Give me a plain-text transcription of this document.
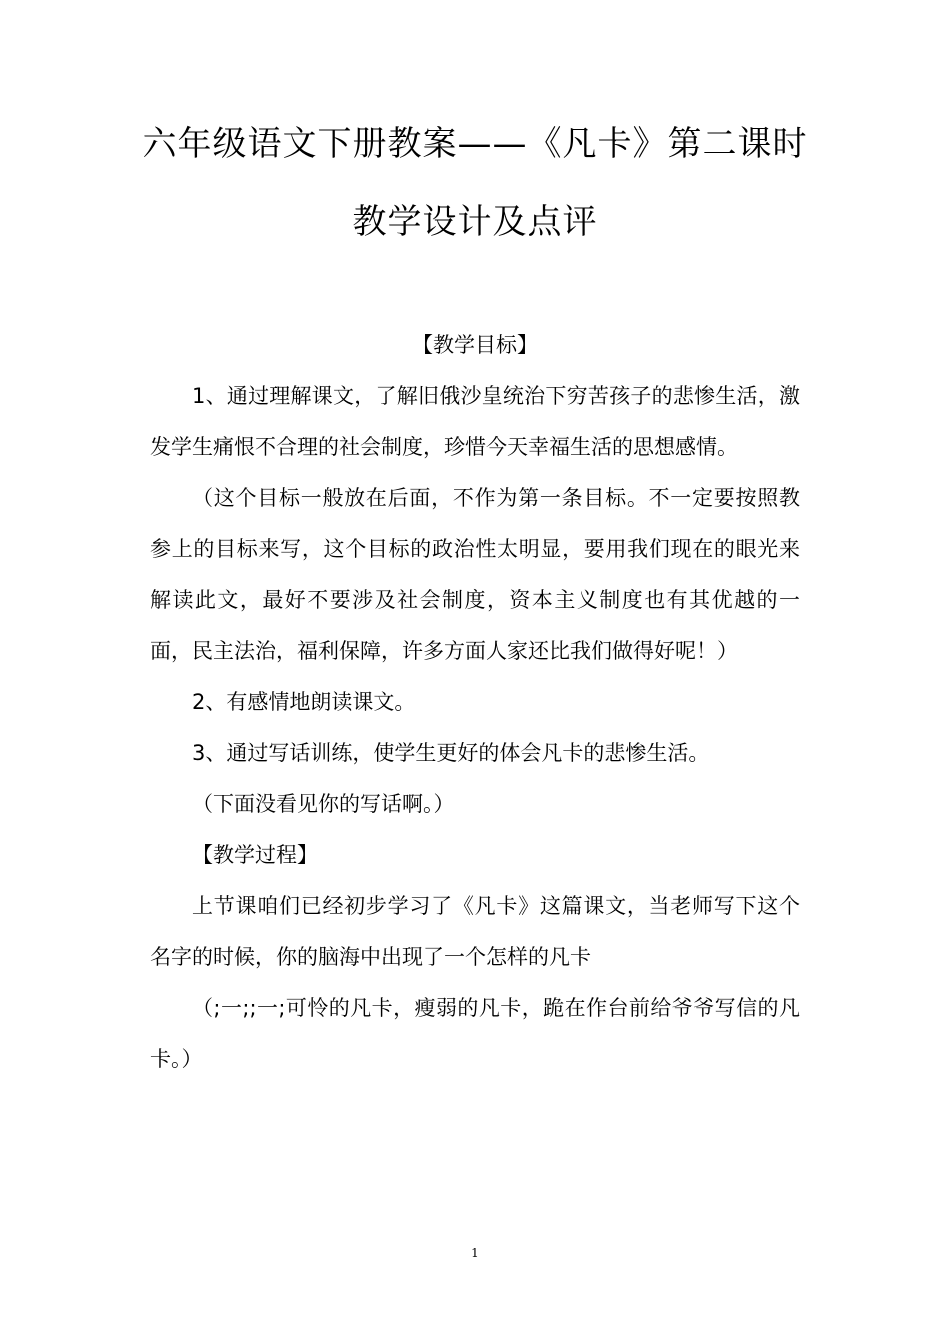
六年级语文下册教案——《凡卡》第二课时
教学设计及点评

【教学目标】

1、通过理解课文，了解旧俄沙皇统治下穷苦孩子的悲惨生活，激发学生痛恨不合理的社会制度，珍惜今天幸福生活的思想感情。

（这个目标一般放在后面，不作为第一条目标。不一定要按照教参上的目标来写，这个目标的政治性太明显，要用我们现在的眼光来解读此文，最好不要涉及社会制度，资本主义制度也有其优越的一面，民主法治，福利保障，许多方面人家还比我们做得好呢！）

2、有感情地朗读课文。

3、通过写话训练，使学生更好的体会凡卡的悲惨生活。

（下面没看见你的写话啊。）

【教学过程】

上节课咱们已经初步学习了《凡卡》这篇课文，当老师写下这个名字的时候，你的脑海中出现了一个怎样的凡卡

（;一;;一;可怜的凡卡，瘦弱的凡卡，跪在作台前给爷爷写信的凡卡。）

1
